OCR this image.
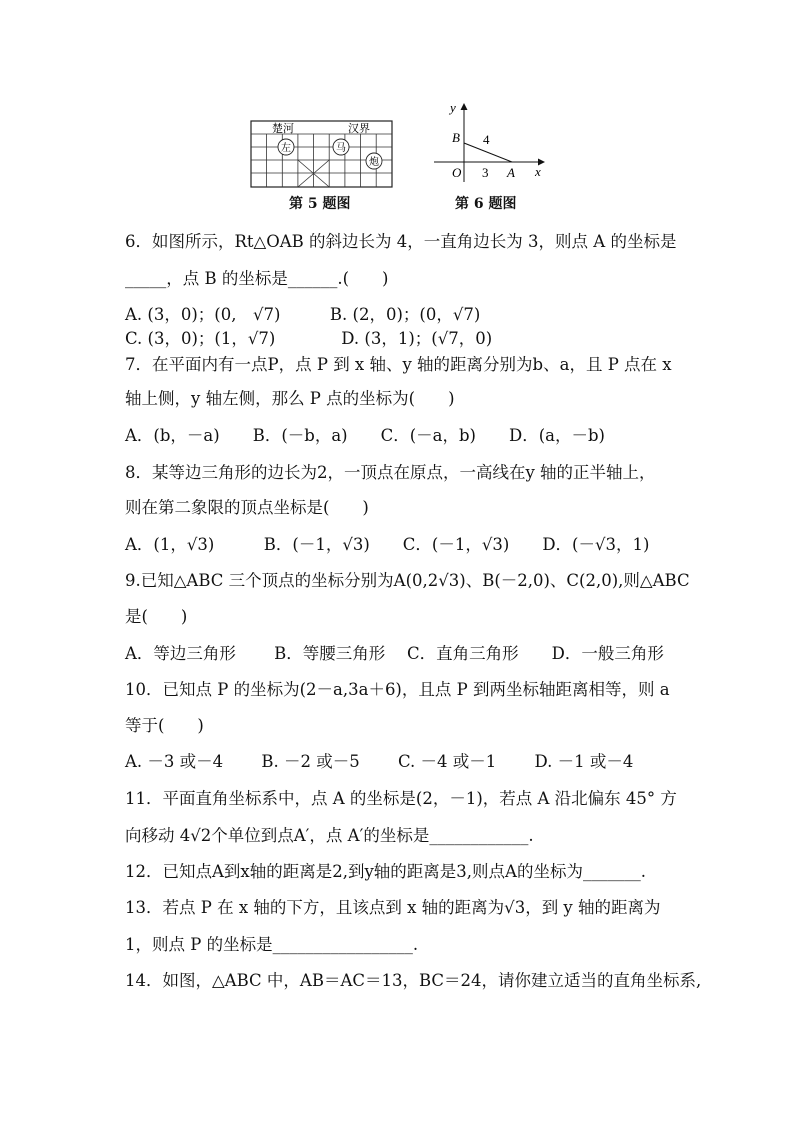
楚河	汉界
左	马
炮
第 5 题图
y
x
B
O	A
4
3
第 6 题图
6．如图所示，Rt△OAB 的斜边长为 4，一直角边长为 3，则点 A 的坐标是
_____，点 B 的坐标是______.(　　)
A. (3，0)；(0,　√7)　　　B. (2，0)；(0，√7)
C. (3，0)；(1，√7)　　　　D. (3，1)；(√7，0)
7．在平面内有一点P，点 P 到 x 轴、y 轴的距离分别为b、a，且 P 点在 x
轴上侧，y 轴左侧，那么 P 点的坐标为(　　)
A．(b，－a)　　B．(－b，a)　　C．(－a，b)　　D．(a，－b)
8．某等边三角形的边长为2，一顶点在原点，一高线在y 轴的正半轴上，
则在第二象限的顶点坐标是(　　)
A．(1，√3)　　　B．(－1，√3)　　C．(－1，√3)　　D．(－√3，1)
9.已知△ABC 三个顶点的坐标分别为A(0,2√3)、B(－2,0)、C(2,0),则△ABC
是(　　)
A．等边三角形　　 B．等腰三角形　 C．直角三角形　　D．一般三角形
10．已知点 P 的坐标为(2－a,3a＋6)，且点 P 到两坐标轴距离相等，则 a
等于(　　)
A. －3 或－4　　 B. －2 或－5　　 C. －4 或－1　　 D. －1 或－4
11．平面直角坐标系中，点 A 的坐标是(2，－1)，若点 A 沿北偏东 45° 方
向移动 4√2个单位到点A′，点 A′的坐标是____________.
12．已知点A到x轴的距离是2,到y轴的距离是3,则点A的坐标为_______.
13．若点 P 在 x 轴的下方，且该点到 x 轴的距离为√3，到 y 轴的距离为
1，则点 P 的坐标是_________________.
14．如图，△ABC 中，AB＝AC＝13，BC＝24，请你建立适当的直角坐标系,
